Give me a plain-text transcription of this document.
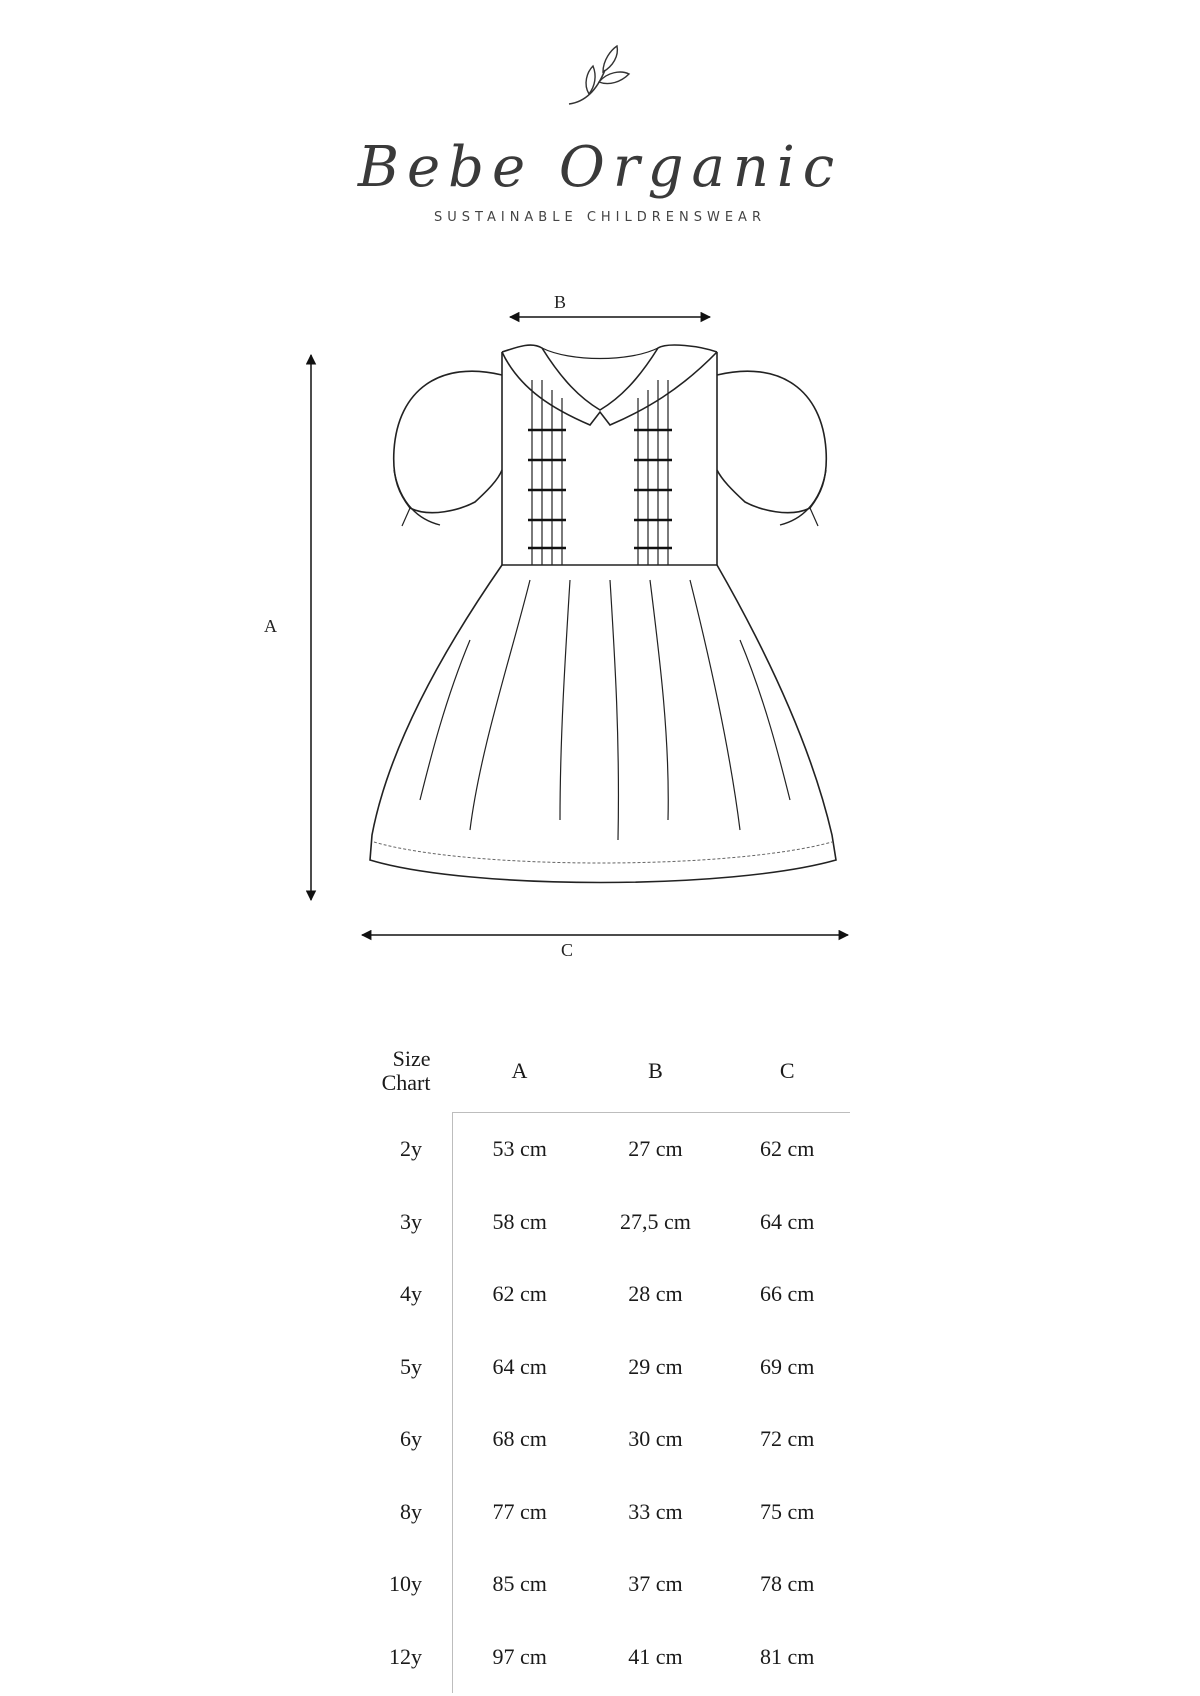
Bebe Organic
SUSTAINABLE CHILDRENSWEAR
B
A
C
Size
Chart	A	B	C
2y	53 cm	27 cm	62 cm
3y	58 cm	27,5 cm	64 cm
4y	62 cm	28 cm	66 cm
5y	64 cm	29 cm	69 cm
6y	68 cm	30 cm	72 cm
8y	77 cm	33 cm	75 cm
10y	85 cm	37 cm	78 cm
12y	97 cm	41 cm	81 cm
